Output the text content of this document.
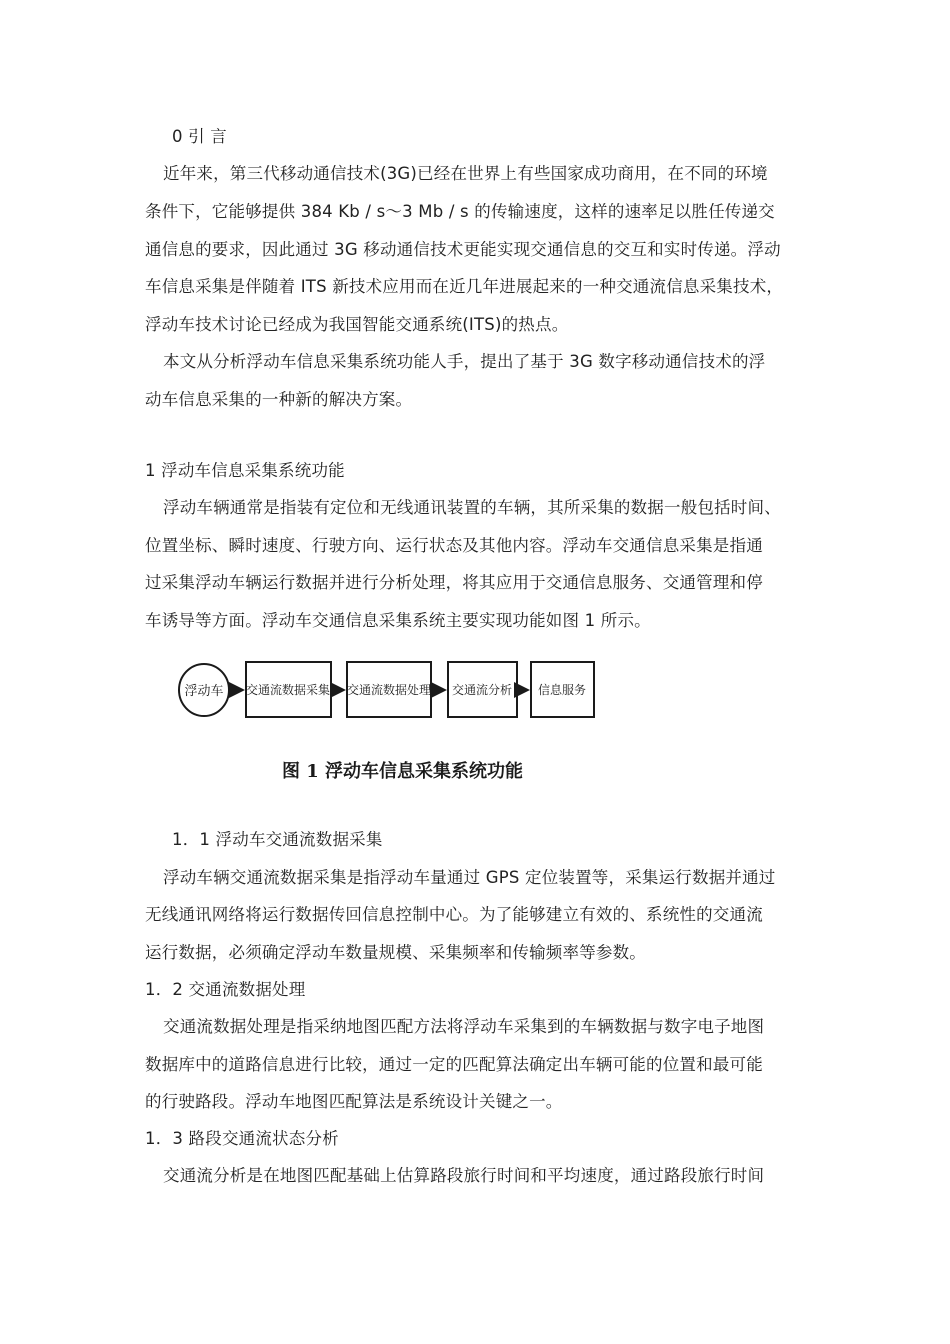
0 引 言
近年来，第三代移动通信技术(3G)已经在世界上有些国家成功商用，在不同的环境
条件下，它能够提供 384 Kb / s～3 Mb / s 的传输速度，这样的速率足以胜任传递交
通信息的要求，因此通过 3G 移动通信技术更能实现交通信息的交互和实时传递。浮动
车信息采集是伴随着 ITS 新技术应用而在近几年进展起来的一种交通流信息采集技术，
浮动车技术讨论已经成为我国智能交通系统(ITS)的热点。
本文从分析浮动车信息采集系统功能人手，提出了基于 3G 数字移动通信技术的浮
动车信息采集的一种新的解决方案。
1 浮动车信息采集系统功能
浮动车辆通常是指装有定位和无线通讯装置的车辆，其所采集的数据一般包括时间、
位置坐标、瞬时速度、行驶方向、运行状态及其他内容。浮动车交通信息采集是指通
过采集浮动车辆运行数据并进行分析处理，将其应用于交通信息服务、交通管理和停
车诱导等方面。浮动车交通信息采集系统主要实现功能如图 1 所示。
浮动车 交通流数据采集 交通流数据处理 交通流分析 信息服务
图 1 浮动车信息采集系统功能
1．1 浮动车交通流数据采集
浮动车辆交通流数据采集是指浮动车量通过 GPS 定位装置等，采集运行数据并通过
无线通讯网络将运行数据传回信息控制中心。为了能够建立有效的、系统性的交通流
运行数据，必须确定浮动车数量规模、采集频率和传输频率等参数。
1．2 交通流数据处理
交通流数据处理是指采纳地图匹配方法将浮动车采集到的车辆数据与数字电子地图
数据库中的道路信息进行比较，通过一定的匹配算法确定出车辆可能的位置和最可能
的行驶路段。浮动车地图匹配算法是系统设计关键之一。
1．3 路段交通流状态分析
交通流分析是在地图匹配基础上估算路段旅行时间和平均速度，通过路段旅行时间
